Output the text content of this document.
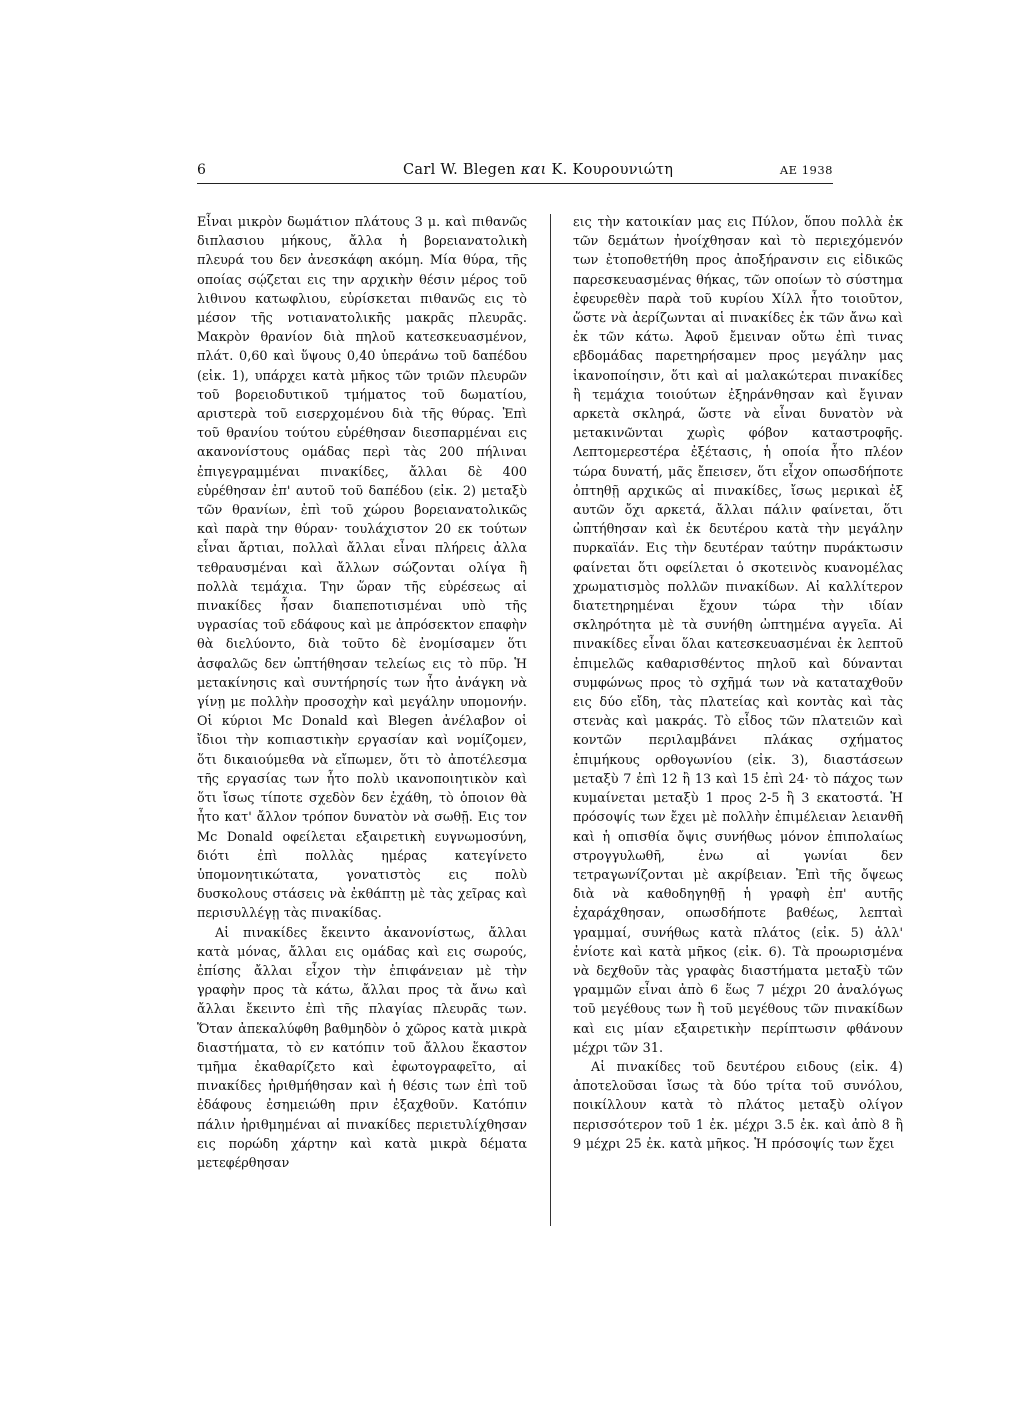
6	Carl W. Blegen και Κ. Κουρουνιώτη	ΑΕ 1938

Εἶναι μικρὸν δωμάτιον πλάτους 3 μ. καὶ πιθανῶς διπλασιου μήκους, ἄλλα ἡ βορειανατολικὴ πλευρά του δεν ἀνεσκάφη ακόμη. Μία θύρα, τῆς οποίας σῴζεται εις την αρχικὴν θέσιν μέρος τοῦ λιθινου κατωφλιου, εὑρίσκεται πιθανῶς εις τὸ μέσον τῆς νοτιανατολικῆς μακρᾶς πλευρᾶς. Μακρὸν θρανίον διὰ πηλοῦ κατεσκευασμένον, πλάτ. 0,60 καὶ ὕψους 0,40 ὑπεράνω τοῦ δαπέδου (εἰκ. 1), υπάρχει κατὰ μῆκος τῶν τριῶν πλευρῶν τοῦ βορειοδυτικοῦ τμήματος τοῦ δωματίου, αριστερὰ τοῦ εισερχομένου διὰ τῆς θύρας. Ἐπὶ τοῦ θρανίου τούτου εὑρέθησαν διεσπαρμέναι εις ακανονίστους ομάδας περὶ τὰς 200 πήλιναι ἐπιγεγραμμέναι πινακίδες, ἄλλαι δὲ 400 εὑρέθησαν ἐπ' αυτοῦ τοῦ δαπέδου (εἰκ. 2) μεταξὺ τῶν θρανίων, ἐπὶ τοῦ χώρου βορειανατολικῶς καὶ παρὰ την θύραν· τουλάχιστον 20 εκ τούτων εἶναι ἄρτιαι, πολλαὶ ἄλλαι εἶναι πλήρεις ἀλλα τεθραυσμέναι καὶ ἄλλων σώζονται ολίγα ἢ πολλὰ τεμάχια. Την ὥραν τῆς εὑρέσεως αἱ πινακίδες ἦσαν διαπεποτισμέναι υπὸ τῆς υγρασίας τοῦ εδάφους καὶ με ἀπρόσεκτον επαφὴν θὰ διελύοντο, διὰ τοῦτο δὲ ἐνομίσαμεν ὅτι ἀσφαλῶς δεν ὠπτήθησαν τελείως εις τὸ πῦρ. Ἡ μετακίνησις καὶ συντήρησίς των ἦτο ἀνάγκη νὰ γίνῃ με πολλὴν προσοχὴν καὶ μεγάλην υπομονήν. Οἱ κύριοι Mc Donald καὶ Blegen ἀνέλαβον οἱ ἴδιοι τὴν κοπιαστικὴν εργασίαν καὶ νομίζομεν, ὅτι δικαιούμεθα νὰ εἴπωμεν, ὅτι τὸ ἀποτέλεσμα τῆς εργασίας των ἦτο πολὺ ικανοποιητικὸν καὶ ὅτι ἴσως τίποτε σχεδὸν δεν ἐχάθη, τὸ ὁποιον θὰ ἦτο κατ' ἄλλον τρόπον δυνατὸν νὰ σωθῇ. Εις τον Mc Donald οφείλεται εξαιρετικὴ ευγνωμοσύνη, διότι ἐπὶ πολλὰς ημέρας κατεγίνετο ὑπομονητικώτατα, γονατιστὸς εις πολὺ δυσκολους στάσεις νὰ ἐκθάπτῃ μὲ τὰς χεῖρας καὶ περισυλλέγῃ τὰς πινακίδας.

Αἱ πινακίδες ἔκειντο ἀκανονίστως, ἄλλαι κατὰ μόνας, ἄλλαι εις ομάδας καὶ εις σωρούς, ἐπίσης ἄλλαι εἶχον τὴν ἐπιφάνειαν μὲ τὴν γραφὴν προς τὰ κάτω, ἄλλαι προς τὰ ἄνω καὶ ἄλλαι ἔκειντο ἐπὶ τῆς πλαγίας πλευρᾶς των. Ὅταν ἀπεκαλύφθη βαθμηδὸν ὁ χῶρος κατὰ μικρὰ διαστήματα, τὸ εν κατόπιν τοῦ ἄλλου ἕκαστον τμῆμα ἐκαθαρίζετο καὶ ἐφωτογραφεῖτο, αἱ πινακίδες ἠριθμήθησαν καὶ ἡ θέσις των ἐπὶ τοῦ ἐδάφους ἐσημειώθη πριν ἐξαχθοῦν. Κατόπιν πάλιν ἠριθμημέναι αἱ πινακίδες περιετυλίχθησαν εις πορώδη χάρτην καὶ κατὰ μικρὰ δέματα μετεφέρθησαν

εις τὴν κατοικίαν μας εις Πύλον, ὅπου πολλὰ ἐκ τῶν δεμάτων ἠνοίχθησαν καὶ τὸ περιεχόμενόν των ἐτοποθετήθη προς ἀποξήρανσιν εις εἰδικῶς παρεσκευασμένας θήκας, τῶν οποίων τὸ σύστημα ἐφευρεθὲν παρὰ τοῦ κυρίου Χίλλ ἦτο τοιοῦτον, ὥστε νὰ ἀερίζωνται αἱ πινακίδες ἐκ τῶν ἄνω καὶ ἐκ τῶν κάτω. Ἀφοῦ ἔμειναν οὕτω ἐπὶ τινας εβδομάδας παρετηρήσαμεν προς μεγάλην μας ἱκανοποίησιν, ὅτι καὶ αἱ μαλακώτεραι πινακίδες ἢ τεμάχια τοιούτων ἐξηράνθησαν καὶ ἔγιναν αρκετὰ σκληρά, ὥστε νὰ εἶναι δυνατὸν νὰ μετακινῶνται χωρὶς φόβον καταστροφῆς. Λεπτομερεστέρα ἐξέτασις, ἡ οποία ἦτο πλέον τώρα δυνατή, μᾶς ἔπεισεν, ὅτι εἶχον οπωσδήποτε ὀπτηθῇ αρχικῶς αἱ πινακίδες, ἴσως μερικαὶ ἐξ αυτῶν ὄχι αρκετά, ἄλλαι πάλιν φαίνεται, ὅτι ὠπτήθησαν καὶ ἐκ δευτέρου κατὰ τὴν μεγάλην πυρκαϊάν. Εις τὴν δευτέραν ταύτην πυράκτωσιν φαίνεται ὅτι οφείλεται ὁ σκοτεινὸς κυανομέλας χρωματισμὸς πολλῶν πινακίδων. Αἱ καλλίτερον διατετηρημέναι ἔχουν τώρα τὴν ιδίαν σκληρότητα μὲ τὰ συνήθη ὠπτημένα αγγεῖα. Αἱ πινακίδες εἶναι ὅλαι κατεσκευασμέναι ἐκ λεπτοῦ ἐπιμελῶς καθαρισθέντος πηλοῦ καὶ δύνανται συμφώνως προς τὸ σχῆμά των νὰ καταταχθοῦν εις δύο εἴδη, τὰς πλατείας καὶ κοντὰς καὶ τὰς στενὰς καὶ μακράς. Τὸ εἶδος τῶν πλατειῶν καὶ κοντῶν περιλαμβάνει πλάκας σχήματος ἐπιμήκους ορθογωνίου (εἰκ. 3), διαστάσεων μεταξὺ 7 ἐπὶ 12 ἢ 13 καὶ 15 ἐπὶ 24· τὸ πάχος των κυμαίνεται μεταξὺ 1 προς 2-5 ἢ 3 εκατοστά. Ἡ πρόσοψίς των ἔχει μὲ πολλὴν ἐπιμέλειαν λειανθῆ καὶ ἡ οπισθία ὄψις συνήθως μόνον ἐπιπολαίως στρογγυλωθῆ, ἐνω αἱ γωνίαι δεν τετραγωνίζονται μὲ ακρίβειαν. Ἐπὶ τῆς ὄψεως διὰ νὰ καθοδηγηθῇ ἡ γραφὴ ἐπ' αυτῆς ἐχαράχθησαν, οπωσδήποτε βαθέως, λεπταὶ γραμμαί, συνήθως κατὰ πλάτος (εἰκ. 5) ἀλλ' ἐνίοτε καὶ κατὰ μῆκος (εἰκ. 6). Τὰ προωρισμένα νὰ δεχθοῦν τὰς γραφὰς διαστήματα μεταξὺ τῶν γραμμῶν εἶναι ἀπὸ 6 ἕως 7 μέχρι 20 ἀναλόγως τοῦ μεγέθους των ἢ τοῦ μεγέθους τῶν πινακίδων καὶ εις μίαν εξαιρετικὴν περίπτωσιν φθάνουν μέχρι τῶν 31.

Αἱ πινακίδες τοῦ δευτέρου ειδους (εἰκ. 4) ἀποτελοῦσαι ἴσως τὰ δύο τρίτα τοῦ συνόλου, ποικίλλουν κατὰ τὸ πλάτος μεταξὺ ολίγον περισσότερον τοῦ 1 ἐκ. μέχρι 3.5 ἐκ. καὶ ἀπὸ 8 ἢ 9 μέχρι 25 ἐκ. κατὰ μῆκος. Ἡ πρόσοψίς των ἔχει
